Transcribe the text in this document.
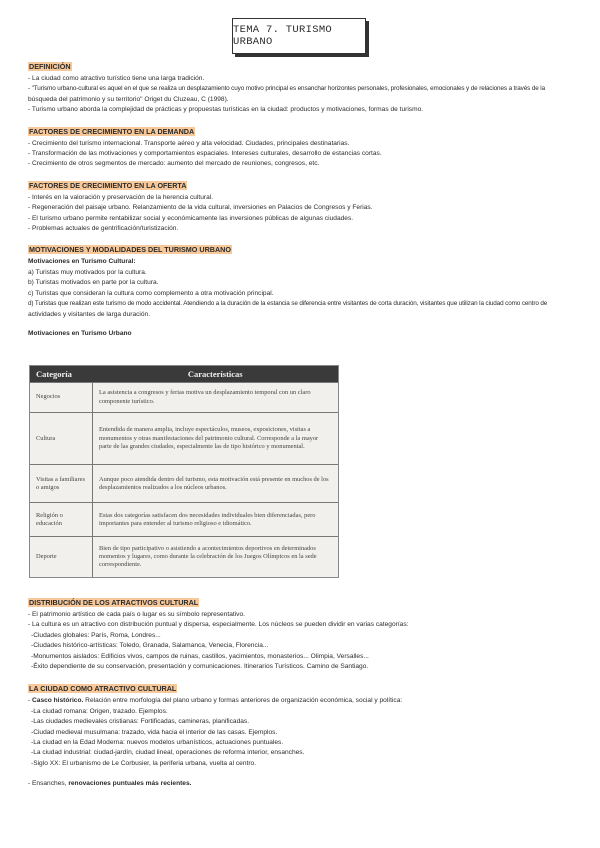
TEMA 7. TURISMO URBANO
DEFINICIÓN
- La ciudad como atractivo turístico tiene una larga tradición.
- "Turismo urbano-cultural es aquel en el que se realiza un desplazamiento cuyo motivo principal es ensanchar horizontes personales, profesionales, emocionales y de relaciones a través de la
búsqueda del patrimonio y su territorio" Origet du Cluzeau, C (1998).
- Turismo urbano aborda la complejidad de prácticas y propuestas turísticas en la ciudad: productos y motivaciones, formas de turismo.
FACTORES DE CRECIMIENTO EN LA DEMANDA
- Crecimiento del turismo internacional. Transporte aéreo y alta velocidad. Ciudades, principales destinatarias.
- Transformación de las motivaciones y comportamientos espaciales. Intereses culturales, desarrollo de estancias cortas.
- Crecimiento de otros segmentos de mercado: aumento del mercado de reuniones, congresos, etc.
FACTORES DE CRECIMIENTO EN LA OFERTA
- Interés en la valoración y preservación de la herencia cultural.
- Regeneración del paisaje urbano. Relanzamiento de la vida cultural, inversiones en Palacios de Congresos y Ferias.
- El turismo urbano permite rentabilizar social y económicamente las inversiones públicas de algunas ciudades.
- Problemas actuales de gentrificación/turistización.
MOTIVACIONES Y MODALIDADES DEL TURISMO URBANO
Motivaciones en Turismo Cultural:
a) Turistas muy motivados por la cultura.
b) Turistas motivados en parte por la cultura.
c) Turistas que consideran la cultura como complemento a otra motivación principal.
d) Turistas que realizan este turismo de modo accidental. Atendiendo a la duración de la estancia se diferencia entre visitantes de corta duración, visitantes que utilizan la ciudad como centro de
actividades y visitantes de larga duración.
Motivaciones en Turismo Urbano
Categoría	Características
Negocios	La asistencia a congresos y ferias motiva un desplazamiento temporal con un claro componente turístico.
Cultura	Entendida de manera amplia, incluye espectáculos, museos, exposiciones, visitas a monumentos y otras manifestaciones del patrimonio cultural. Corresponde a la mayor parte de las grandes ciudades, especialmente las de tipo histórico y monumental.
Visitas a familiares o amigos	Aunque poco atendida dentro del turismo, esta motivación está presente en muchos de los desplazamientos realizados a los núcleos urbanos.
Religión o educación	Estas dos categorías satisfacen dos necesidades individuales bien diferenciadas, pero importantes para entender al turismo religioso e idiomático.
Deporte	Bien de tipo participativo o asistiendo a acontecimientos deportivos en determinados momentos y lugares, como durante la celebración de los Juegos Olímpicos en la sede correspondiente.
DISTRIBUCIÓN DE LOS ATRACTIVOS CULTURAL
- El patrimonio artístico de cada país o lugar es su símbolo representativo.
- La cultura es un atractivo con distribución puntual y dispersa, especialmente. Los núcleos se pueden dividir en varias categorías:
-Ciudades globales: París, Roma, Londres...
-Ciudades histórico-artísticas: Toledo, Granada, Salamanca, Venecia, Florencia...
-Monumentos aislados: Edificios vivos, campos de ruinas, castillos, yacimientos, monasterios... Olimpia, Versalles...
-Éxito dependiente de su conservación, presentación y comunicaciones. Itinerarios Turísticos. Camino de Santiago.
LA CIUDAD COMO ATRACTIVO CULTURAL
- Casco histórico. Relación entre morfología del plano urbano y formas anteriores de organización económica, social y política:
-La ciudad romana: Origen, trazado. Ejemplos.
-Las ciudades medievales cristianas: Fortificadas, camineras, planificadas.
-Ciudad medieval musulmana: trazado, vida hacia el interior de las casas. Ejemplos.
-La ciudad en la Edad Moderna: nuevos modelos urbanísticos, actuaciones puntuales.
-La ciudad industrial: ciudad-jardín, ciudad lineal, operaciones de reforma interior, ensanches.
-Siglo XX: El urbanismo de Le Corbusier, la periferia urbana, vuelta al centro.
- Ensanches, renovaciones puntuales más recientes.
